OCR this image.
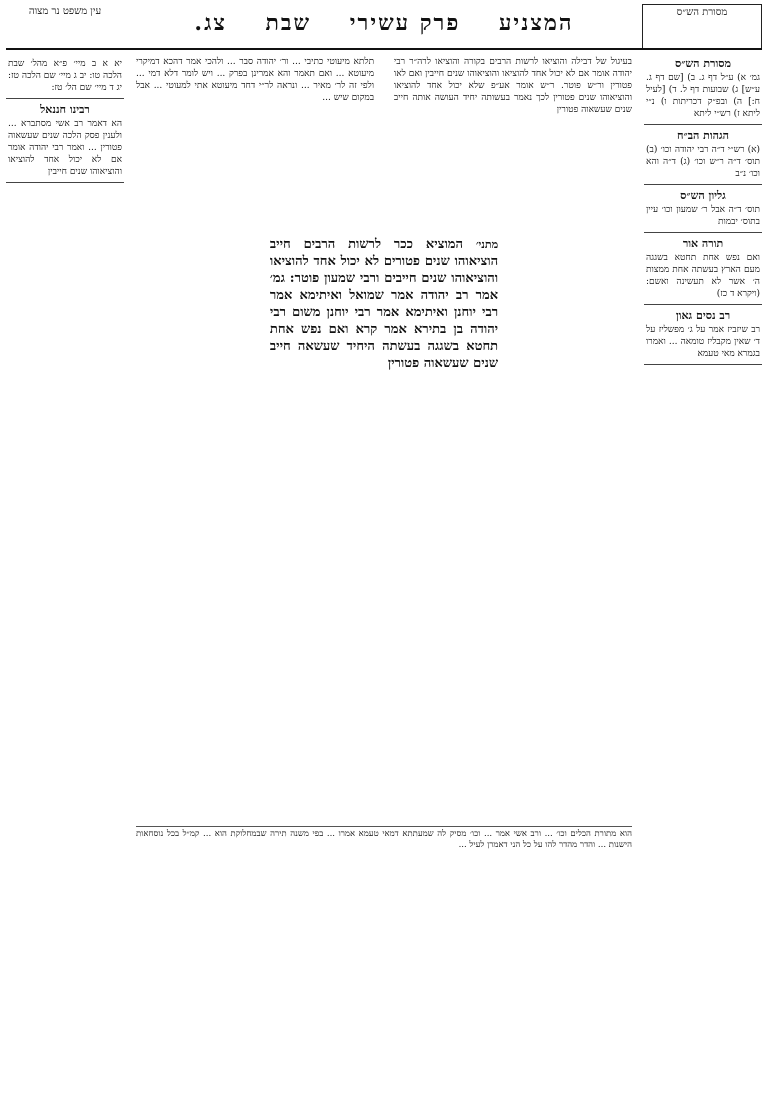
מסורת הש״ס
המצניע    פרק עשירי    שבת    צג.
עין משפט נר מצוה
מסורת הש״ס
גמ׳ א) ע״ל דף ג. ב) [שם דף ג. ע״ש] ג) שבועות דף ל. ד) [לעיל ח:] ה) ובפ״ק דכריתות ו) נ״י ליתא ז) רש״י ליתא
הגהות הב״ח
(א) רש״י ד״ה רבי יהודה וכו׳ (ב) תוס׳ ד״ה ר״ש וכו׳ (ג) ד״ה והא וכו׳ נ״ב
גליון הש״ס
תוס׳ ד״ה אבל ר׳ שמעון וכו׳ עיין בתוס׳ יבמות
תורה אור
ואם נפש אחת תחטא בשגגה מעם הארץ בעשתה אחת ממצות ה׳ אשר לא תעשינה ואשם: (ויקרא ד כז)
רב נסים גאון
רב שיזביז אמר על ג׳ מפשליז על ד׳ שאין מקבליז טומאה ... ואמרו בגמרא מאי טעמא
יא א ב מיי׳ פ״א מהל׳ שבת הלכה טו: יב ג מיי׳ שם הלכה טז: יג ד מיי׳ שם הל׳ טז:
רבינו חננאל
הא דאמר רב אשי מסתברא ... ולענין פסק הלכה שנים שעשאוה פטורין ... ואמר רבי יהודה אומר אם לא יכול אחד להוציאו והוציאוהו שנים חייבין
בעיגול של דבילה והוציאו לרשות הרבים בקורה והוציאו לרה״ר רבי יהודה אומר אם לא יכול אחד להוציאו והוציאוהו שנים חייבין ואם לאו פטורין ור״ש פוטר. ר״ש אומר אע״פ שלא יכול אחד להוציאו והוציאוהו שנים פטורין לכך נאמר בעשותה יחיד העושה אותה חייב שנים שעשאוה פטורין
תלתא מיעוטי כתיבי ... ור׳ יהודה סבר ... ולהכי אמר דהכא דמיקרי מיעוטא ... ואם תאמר והא אמרינן בפרק ... ויש לומר דלא דמי ... ולפי זה לר׳ מאיר ... ונראה לר״י דחד מיעוטא אתי למעוטי ... אבל במקום שיש ...
מתני׳ המוציא ככר לרשות הרבים חייב הוציאוהו שנים פטורים לא יכול אחד להוציאו והוציאוהו שנים חייבים ורבי שמעון פוטר: גמ׳ אמר רב יהודה אמר שמואל ואיתימא אמר רבי יוחנן ואיתימא אמר רבי יוחנן משום רבי יהודה בן בתירא אמר קרא ואם נפש אחת תחטא בשגגה בעשתה היחיד שעשאה חייב שנים שעשאוה פטורין
הוא מתורת הכלים וכו׳ ... ורב אשי אמר ... וכו׳ מסיק לה שמעתתא דמאי טעמא אמרו ... בפי משנה תירה שבמחלוקת הוא ... קמ״ל בכל נוסחאות הישנות ... והדר מהדר להו על כל הני דאמרן לעיל ...
